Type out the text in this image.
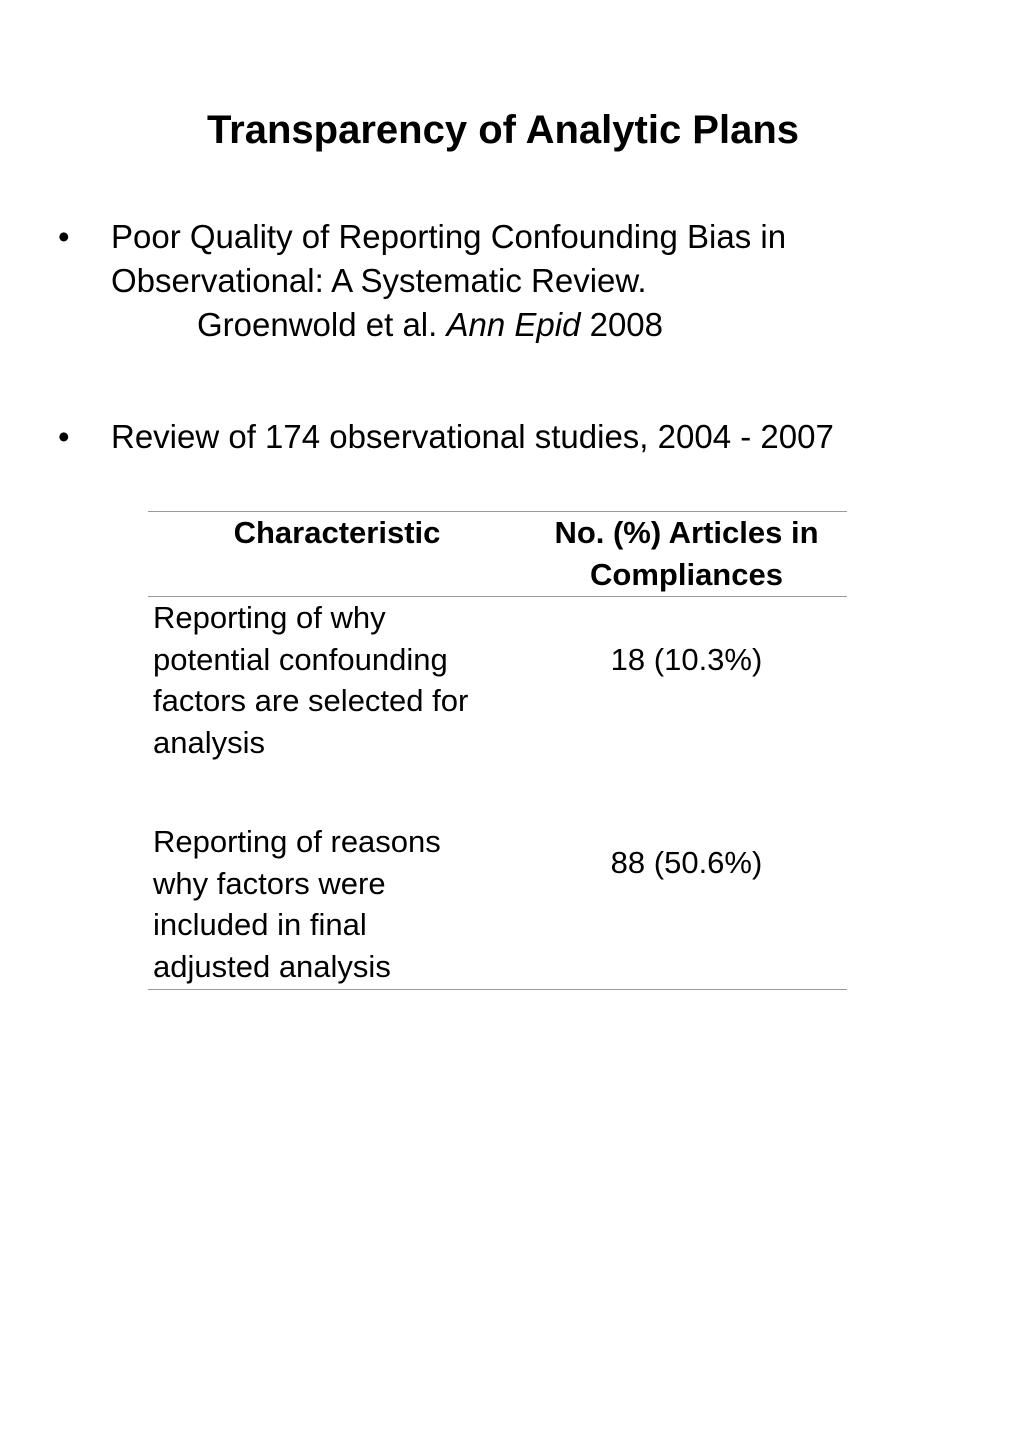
Transparency of Analytic Plans
•	Poor Quality of Reporting Confounding Bias in
Observational: A Systematic Review.
Groenwold et al. Ann Epid 2008
•	Review of 174 observational studies, 2004 - 2007
Characteristic	No. (%) Articles in
Compliances

Reporting of why
potential confounding
factors are selected for
analysis	18 (10.3%)

Reporting of reasons
why factors were
included in final
adjusted analysis	88 (50.6%)
